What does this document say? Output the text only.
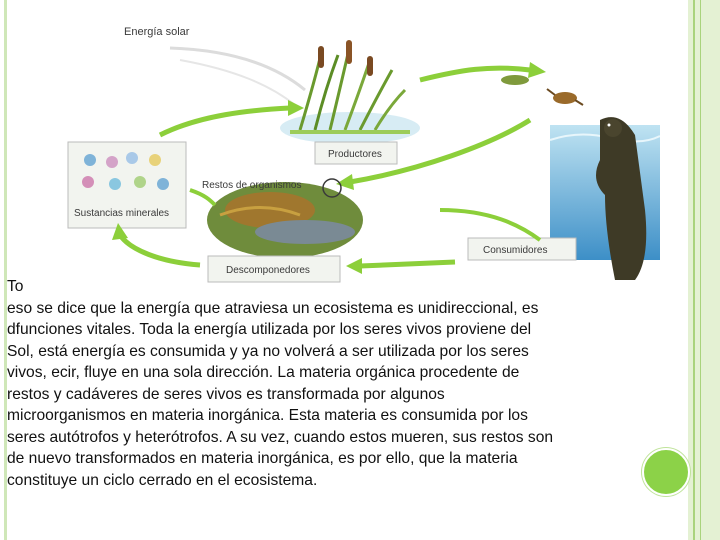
Energía solar
Productores
Consumidores
Restos de organismos
Sustancias minerales
Descomponedores

To

eso se dice que la energía que atraviesa un ecosistema es unidireccional, es

dfunciones vitales. Toda la energía utilizada por los seres vivos proviene del

Sol, está energía es consumida y ya no volverá a ser utilizada por los seres

vivos, ecir, fluye en una sola dirección. La materia orgánica procedente de

restos y cadáveres de seres vivos es transformada por algunos

microorganismos en materia inorgánica. Esta materia es consumida por los

seres autótrofos y heterótrofos. A su vez, cuando estos mueren, sus restos son

de nuevo transformados en materia inorgánica, es por ello, que la materia

constituye un ciclo cerrado en el ecosistema.
